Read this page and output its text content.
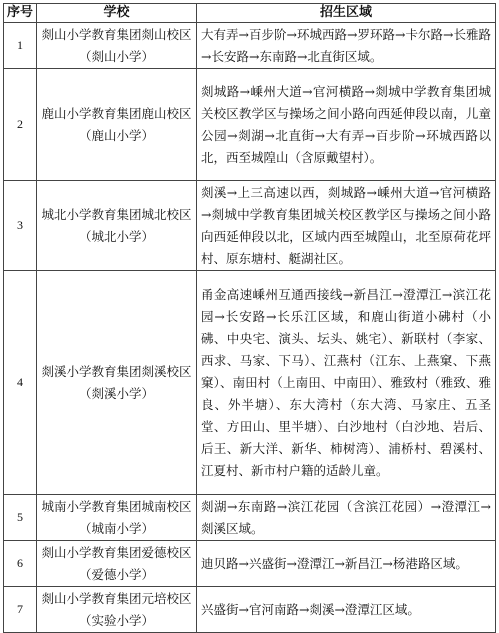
序号	学校	招生区域
1	剡山小学教育集团剡山校区（剡山小学）	大有弄→百步阶→环城西路→罗环路→卡尔路→长雅路→长安路→东南路→北直街区域。
2	鹿山小学教育集团鹿山校区（鹿山小学）	剡城路→嵊州大道→官河横路→剡城中学教育集团城关校区教学区与操场之间小路向西延伸段以南，儿童公园→剡湖→北直街→大有弄→百步阶→环城西路以北，西至城隍山（含原戴望村）。
3	城北小学教育集团城北校区（城北小学）	剡溪→上三高速以西，剡城路→嵊州大道→官河横路→剡城中学教育集团城关校区教学区与操场之间小路向西延伸段以北，区域内西至城隍山，北至原荷花坪村、原东塘村、艇湖社区。
4	剡溪小学教育集团剡溪校区（剡溪小学）	甬金高速嵊州互通西接线→新昌江→澄潭江→滨江花园→长安路→长乐江区域，和鹿山街道小砩村（小砩、中央宅、演头、坛头、姚宅）、新联村（李家、西求、马家、下马）、江燕村（江东、上燕窠、下燕窠）、南田村（上南田、中南田）、雅致村（雅致、雅良、外半塘）、东大湾村（东大湾、马家庄、五圣堂、方田山、里半塘）、白沙地村（白沙地、岩后、后王、新大洋、新华、柿树湾）、浦桥村、碧溪村、江夏村、新市村户籍的适龄儿童。
5	城南小学教育集团城南校区（城南小学）	剡湖→东南路→滨江花园（含滨江花园）→澄潭江→剡溪区域。
6	剡山小学教育集团爱德校区（爱德小学）	迪贝路→兴盛街→澄潭江→新昌江→杨港路区域。
7	剡山小学教育集团元培校区（实验小学）	兴盛街→官河南路→剡溪→澄潭江区域。
